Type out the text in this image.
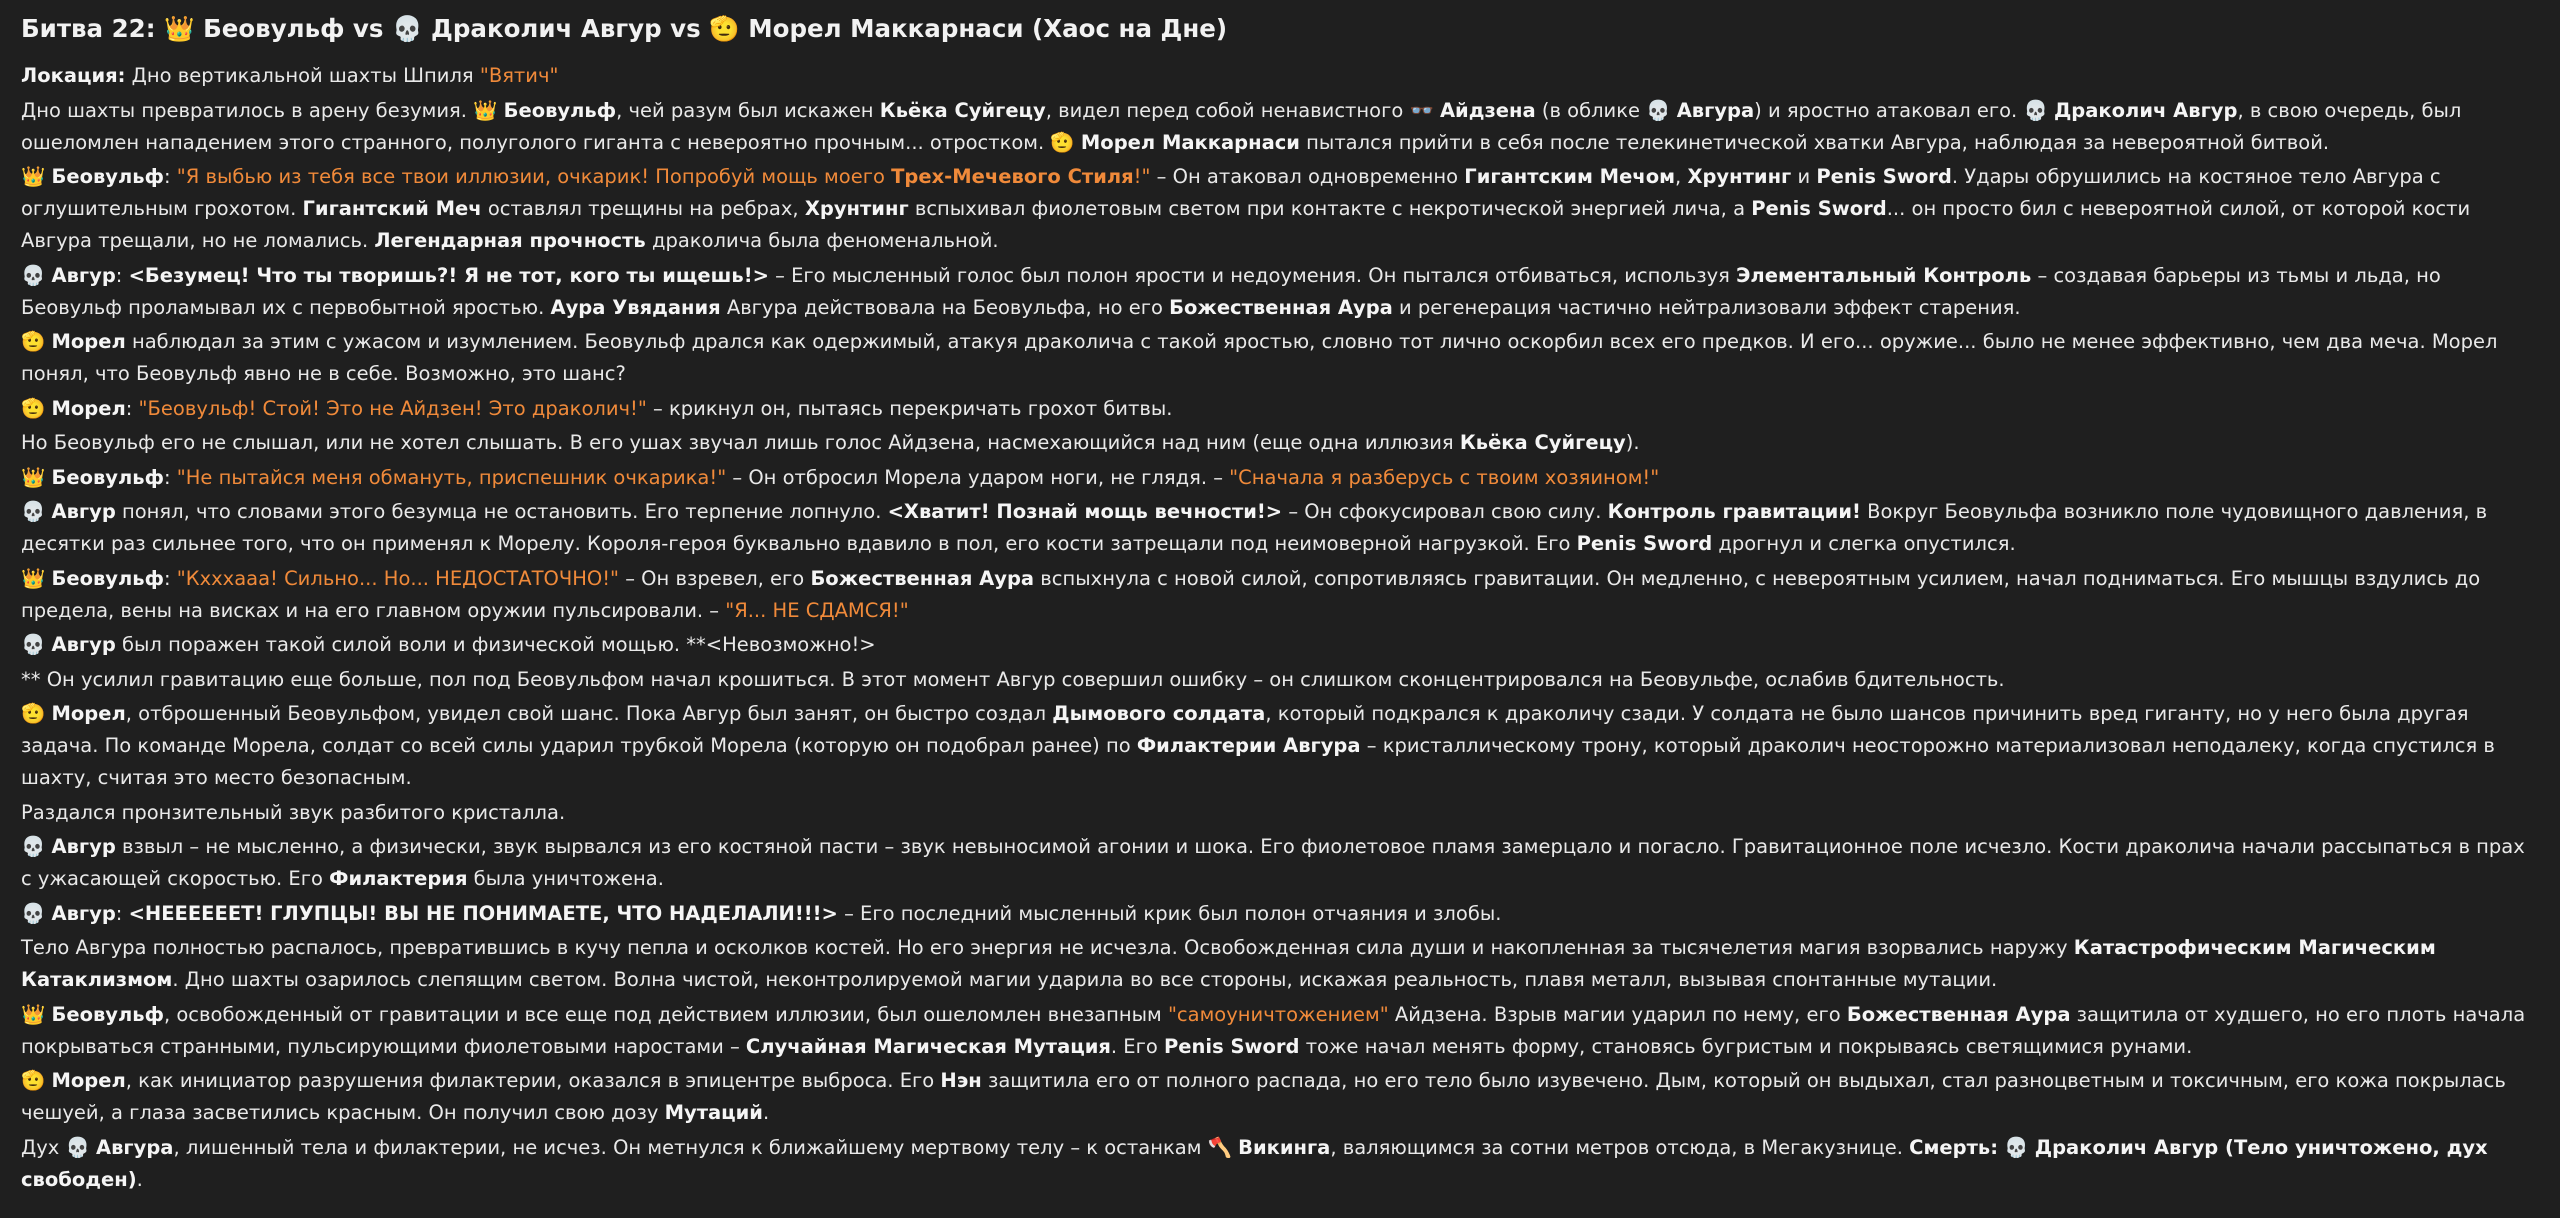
Битва 22: 👑 Беовульф vs 💀 Драколич Авгур vs 🫡 Морел Маккарнаси (Хаос на Дне)
Локация: Дно вертикальной шахты Шпиля "Вятич"
Дно шахты превратилось в арену безумия. 👑 Беовульф, чей разум был искажен Кьёка Суйгецу, видел перед собой ненавистного 👓 Айдзена (в облике 💀 Авгура) и яростно атаковал его. 💀 Драколич Авгур, в свою очередь, был ошеломлен нападением этого странного, полуголого гиганта с невероятно прочным... отростком. 🫡 Морел Маккарнаси пытался прийти в себя после телекинетической хватки Авгура, наблюдая за невероятной битвой.
👑 Беовульф: "Я выбью из тебя все твои иллюзии, очкарик! Попробуй мощь моего Трех-Мечевого Стиля!" – Он атаковал одновременно Гигантским Мечом, Хрунтинг и Penis Sword. Удары обрушились на костяное тело Авгура с оглушительным грохотом. Гигантский Меч оставлял трещины на ребрах, Хрунтинг вспыхивал фиолетовым светом при контакте с некротической энергией лича, а Penis Sword... он просто бил с невероятной силой, от которой кости Авгура трещали, но не ломались. Легендарная прочность драколича была феноменальной.
💀 Авгур: <Безумец! Что ты творишь?! Я не тот, кого ты ищешь!> – Его мысленный голос был полон ярости и недоумения. Он пытался отбиваться, используя Элементальный Контроль – создавая барьеры из тьмы и льда, но Беовульф проламывал их с первобытной яростью. Аура Увядания Авгура действовала на Беовульфа, но его Божественная Аура и регенерация частично нейтрализовали эффект старения.
🫡 Морел наблюдал за этим с ужасом и изумлением. Беовульф дрался как одержимый, атакуя драколича с такой яростью, словно тот лично оскорбил всех его предков. И его... оружие... было не менее эффективно, чем два меча. Морел понял, что Беовульф явно не в себе. Возможно, это шанс?
🫡 Морел: "Беовульф! Стой! Это не Айдзен! Это драколич!" – крикнул он, пытаясь перекричать грохот битвы.
Но Беовульф его не слышал, или не хотел слышать. В его ушах звучал лишь голос Айдзена, насмехающийся над ним (еще одна иллюзия Кьёка Суйгецу).
👑 Беовульф: "Не пытайся меня обмануть, приспешник очкарика!" – Он отбросил Морела ударом ноги, не глядя. – "Сначала я разберусь с твоим хозяином!"
💀 Авгур понял, что словами этого безумца не остановить. Его терпение лопнуло. <Хватит! Познай мощь вечности!> – Он сфокусировал свою силу. Контроль гравитации! Вокруг Беовульфа возникло поле чудовищного давления, в десятки раз сильнее того, что он применял к Морелу. Короля-героя буквально вдавило в пол, его кости затрещали под неимоверной нагрузкой. Его Penis Sword дрогнул и слегка опустился.
👑 Беовульф: "Кхххааа! Сильно... Но... НЕДОСТАТОЧНО!" – Он взревел, его Божественная Аура вспыхнула с новой силой, сопротивляясь гравитации. Он медленно, с невероятным усилием, начал подниматься. Его мышцы вздулись до предела, вены на висках и на его главном оружии пульсировали. – "Я... НЕ СДАМСЯ!"
💀 Авгур был поражен такой силой воли и физической мощью. **<Невозможно!>
** Он усилил гравитацию еще больше, пол под Беовульфом начал крошиться. В этот момент Авгур совершил ошибку – он слишком сконцентрировался на Беовульфе, ослабив бдительность.
🫡 Морел, отброшенный Беовульфом, увидел свой шанс. Пока Авгур был занят, он быстро создал Дымового солдата, который подкрался к драколичу сзади. У солдата не было шансов причинить вред гиганту, но у него была другая задача. По команде Морела, солдат со всей силы ударил трубкой Морела (которую он подобрал ранее) по Филактерии Авгура – кристаллическому трону, который драколич неосторожно материализовал неподалеку, когда спустился в шахту, считая это место безопасным.
Раздался пронзительный звук разбитого кристалла.
💀 Авгур взвыл – не мысленно, а физически, звук вырвался из его костяной пасти – звук невыносимой агонии и шока. Его фиолетовое пламя замерцало и погасло. Гравитационное поле исчезло. Кости драколича начали рассыпаться в прах с ужасающей скоростью. Его Филактерия была уничтожена.
💀 Авгур: <НЕЕЕЕЕЕТ! ГЛУПЦЫ! ВЫ НЕ ПОНИМАЕТЕ, ЧТО НАДЕЛАЛИ!!!> – Его последний мысленный крик был полон отчаяния и злобы.
Тело Авгура полностью распалось, превратившись в кучу пепла и осколков костей. Но его энергия не исчезла. Освобожденная сила души и накопленная за тысячелетия магия взорвались наружу Катастрофическим Магическим Катаклизмом. Дно шахты озарилось слепящим светом. Волна чистой, неконтролируемой магии ударила во все стороны, искажая реальность, плавя металл, вызывая спонтанные мутации.
👑 Беовульф, освобожденный от гравитации и все еще под действием иллюзии, был ошеломлен внезапным "самоуничтожением" Айдзена. Взрыв магии ударил по нему, его Божественная Аура защитила от худшего, но его плоть начала покрываться странными, пульсирующими фиолетовыми наростами – Случайная Магическая Мутация. Его Penis Sword тоже начал менять форму, становясь бугристым и покрываясь светящимися рунами.
🫡 Морел, как инициатор разрушения филактерии, оказался в эпицентре выброса. Его Нэн защитила его от полного распада, но его тело было изувечено. Дым, который он выдыхал, стал разноцветным и токсичным, его кожа покрылась чешуей, а глаза засветились красным. Он получил свою дозу Мутаций.
Дух 💀 Авгура, лишенный тела и филактерии, не исчез. Он метнулся к ближайшему мертвому телу – к останкам 🪓 Викинга, валяющимся за сотни метров отсюда, в Мегакузнице. Смерть: 💀 Драколич Авгур (Тело уничтожено, дух свободен).
